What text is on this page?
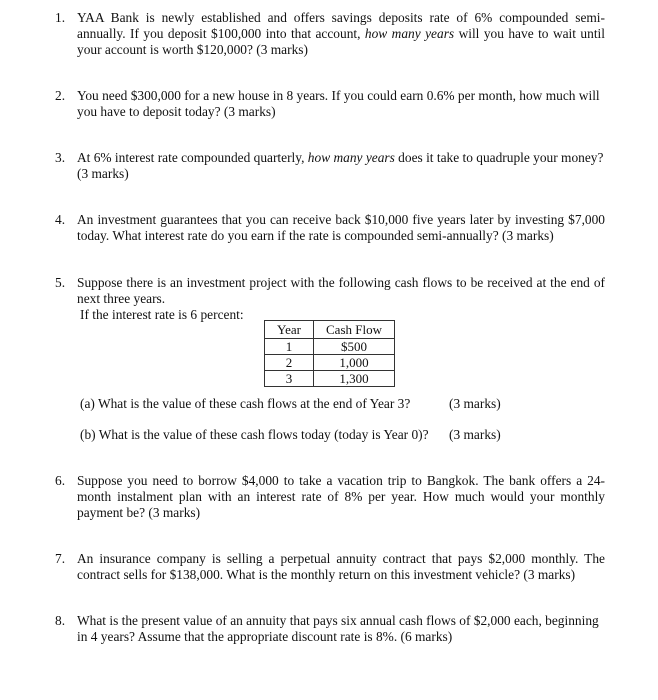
1. YAA Bank is newly established and offers savings deposits rate of 6% compounded semi-annually. If you deposit $100,000 into that account, how many years will you have to wait until your account is worth $120,000? (3 marks)
2. You need $300,000 for a new house in 8 years. If you could earn 0.6% per month, how much will you have to deposit today? (3 marks)
3. At 6% interest rate compounded quarterly, how many years does it take to quadruple your money? (3 marks)
4. An investment guarantees that you can receive back $10,000 five years later by investing $7,000 today. What interest rate do you earn if the rate is compounded semi-annually? (3 marks)
5. Suppose there is an investment project with the following cash flows to be received at the end of next three years.
If the interest rate is 6 percent:
Year	Cash Flow
1	$500
2	1,000
3	1,300
(a) What is the value of these cash flows at the end of Year 3?	(3 marks)
(b) What is the value of these cash flows today (today is Year 0)? (3 marks)
6. Suppose you need to borrow $4,000 to take a vacation trip to Bangkok. The bank offers a 24-month instalment plan with an interest rate of 8% per year. How much would your monthly payment be? (3 marks)
7. An insurance company is selling a perpetual annuity contract that pays $2,000 monthly. The contract sells for $138,000. What is the monthly return on this investment vehicle? (3 marks)
8. What is the present value of an annuity that pays six annual cash flows of $2,000 each, beginning in 4 years? Assume that the appropriate discount rate is 8%. (6 marks)
